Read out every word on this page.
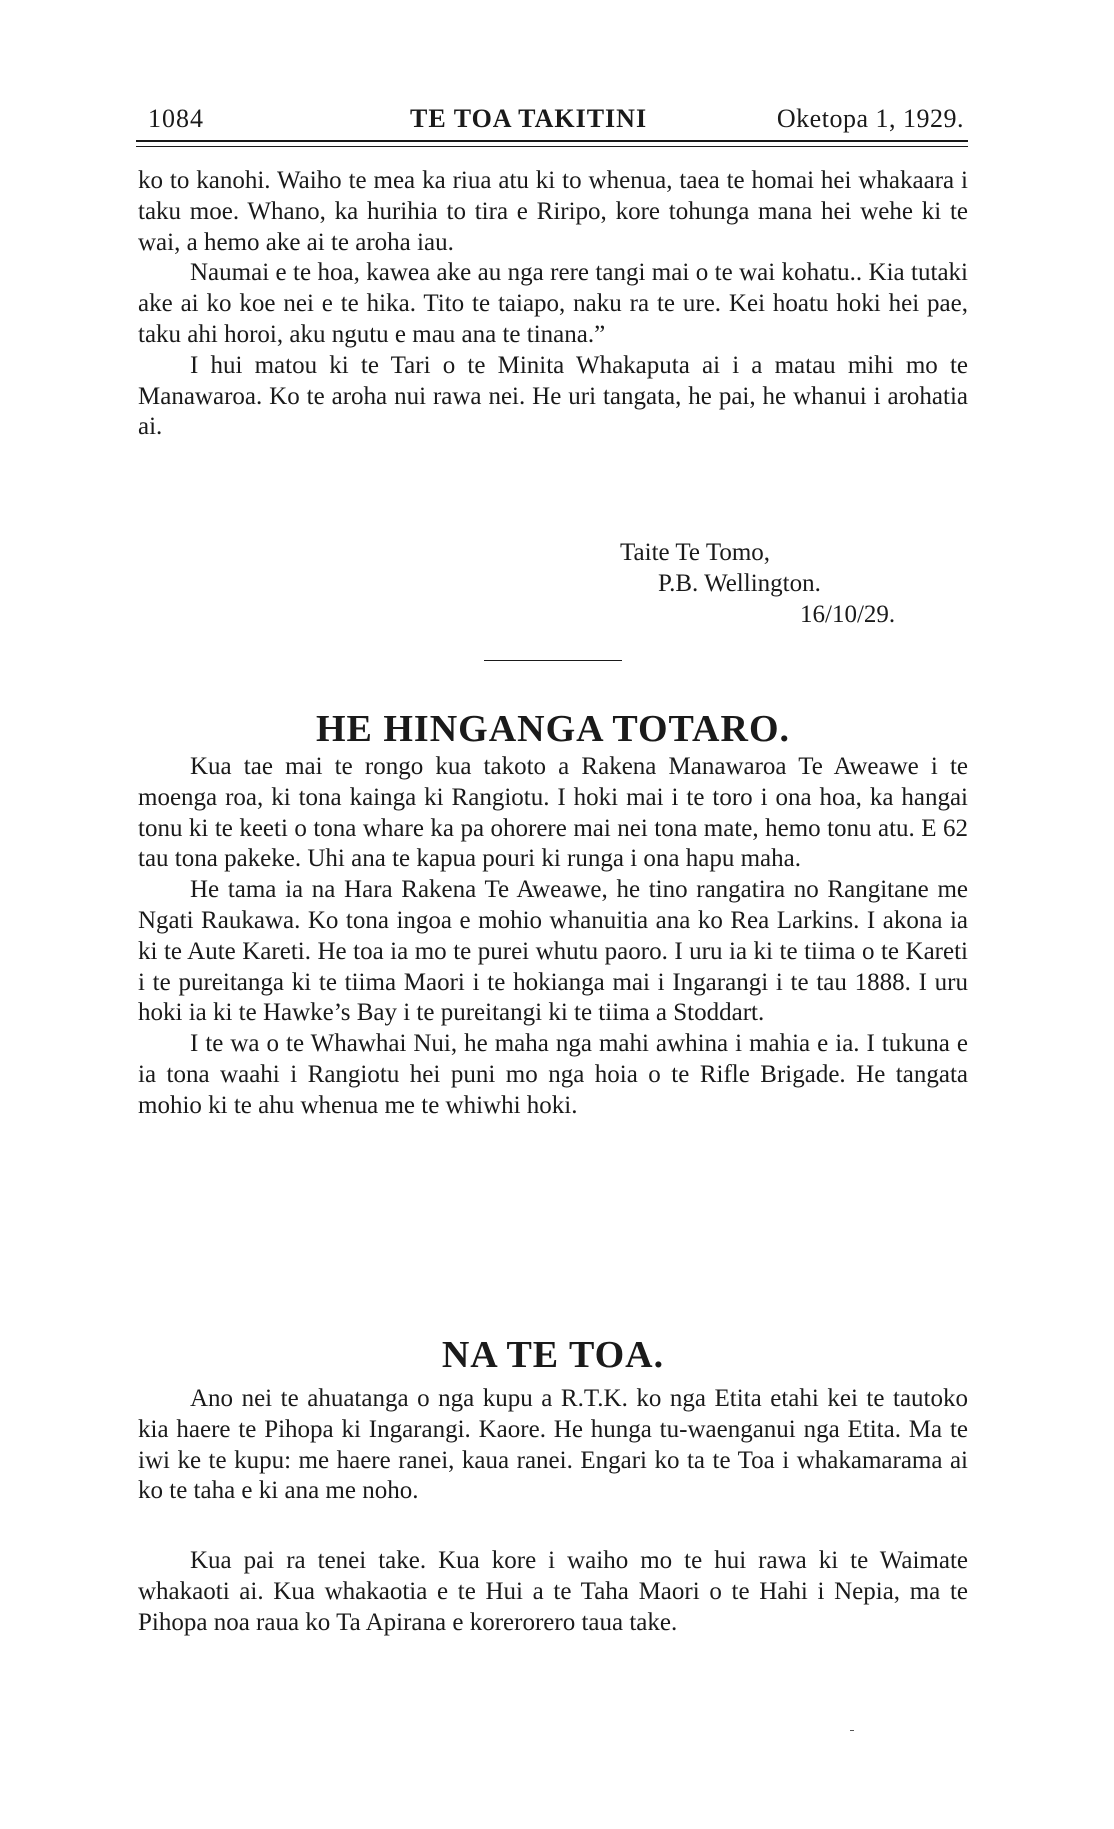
1084	TE TOA TAKITINI	Oketopa 1, 1929.

ko to kanohi. Waiho te mea ka riua atu ki to whenua, taea te homai hei whakaara i taku moe. Whano, ka hurihia to tira e Riripo, kore tohunga mana hei wehe ki te wai, a hemo ake ai te aroha iau.

Naumai e te hoa, kawea ake au nga rere tangi mai o te wai kohatu.. Kia tutaki ake ai ko koe nei e te hika. Tito te taiapo, naku ra te ure. Kei hoatu hoki hei pae, taku ahi horoi, aku ngutu e mau ana te tinana.”

I hui matou ki te Tari o te Minita Whakaputa ai i a matau mihi mo te Manawaroa. Ko te aroha nui rawa nei. He uri tangata, he pai, he whanui i arohatia ai.

Taite Te Tomo,
P.B. Wellington.
16/10/29.
HE HINGANGA TOTARO.

Kua tae mai te rongo kua takoto a Rakena Manawaroa Te Aweawe i te moenga roa, ki tona kainga ki Rangiotu. I hoki mai i te toro i ona hoa, ka hangai tonu ki te keeti o tona whare ka pa ohorere mai nei tona mate, hemo tonu atu. E 62 tau tona pakeke. Uhi ana te kapua pouri ki runga i ona hapu maha.

He tama ia na Hara Rakena Te Aweawe, he tino rangatira no Rangitane me Ngati Raukawa. Ko tona ingoa e mohio whanuitia ana ko Rea Larkins. I akona ia ki te Aute Kareti. He toa ia mo te purei whutu paoro. I uru ia ki te tiima o te Kareti i te pureitanga ki te tiima Maori i te hokianga mai i Ingarangi i te tau 1888. I uru hoki ia ki te Hawke’s Bay i te pureitangi ki te tiima a Stoddart.

I te wa o te Whawhai Nui, he maha nga mahi awhina i mahia e ia. I tukuna e ia tona waahi i Rangiotu hei puni mo nga hoia o te Rifle Brigade. He tangata mohio ki te ahu whenua me te whiwhi hoki.

NA TE TOA.

Ano nei te ahuatanga o nga kupu a R.T.K. ko nga Etita etahi kei te tautoko kia haere te Pihopa ki Ingarangi. Kaore. He hunga tu-waenganui nga Etita. Ma te iwi ke te kupu: me haere ranei, kaua ranei. Engari ko ta te Toa i whakamarama ai ko te taha e ki ana me noho.

Kua pai ra tenei take. Kua kore i waiho mo te hui rawa ki te Waimate whakaoti ai. Kua whakaotia e te Hui a te Taha Maori o te Hahi i Nepia, ma te Pihopa noa raua ko Ta Apirana e korerorero taua take.
